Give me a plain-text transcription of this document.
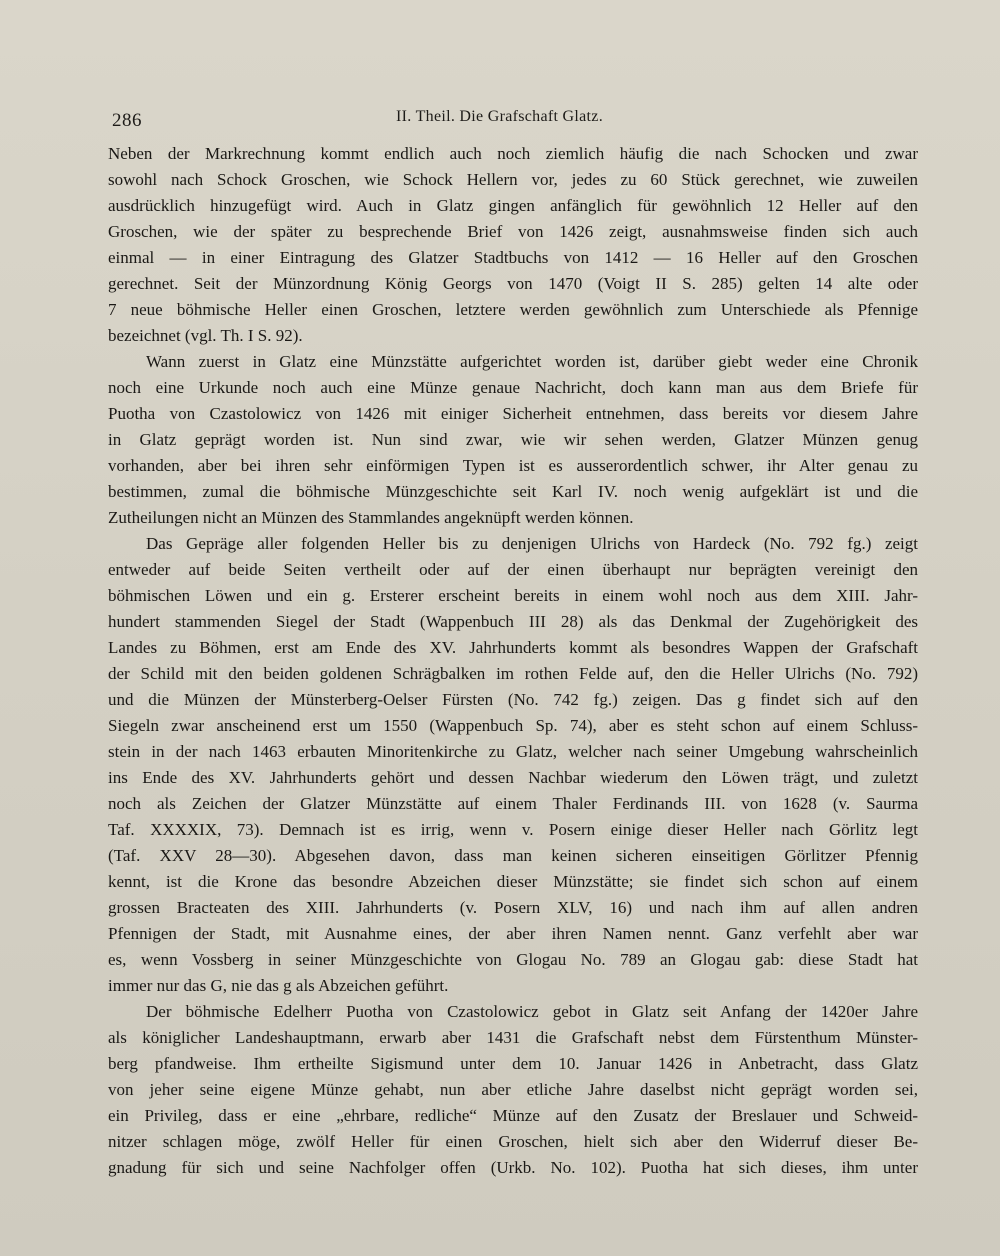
286	II. Theil. Die Grafschaft Glatz.
Neben der Markrechnung kommt endlich auch noch ziemlich häufig die nach Schocken und zwar
sowohl nach Schock Groschen, wie Schock Hellern vor, jedes zu 60 Stück gerechnet, wie zuweilen
ausdrücklich hinzugefügt wird. Auch in Glatz gingen anfänglich für gewöhnlich 12 Heller auf den
Groschen, wie der später zu besprechende Brief von 1426 zeigt, ausnahmsweise finden sich auch
einmal — in einer Eintragung des Glatzer Stadtbuchs von 1412 — 16 Heller auf den Groschen
gerechnet. Seit der Münzordnung König Georgs von 1470 (Voigt II S. 285) gelten 14 alte oder
7 neue böhmische Heller einen Groschen, letztere werden gewöhnlich zum Unterschiede als Pfennige
bezeichnet (vgl. Th. I S. 92).
Wann zuerst in Glatz eine Münzstätte aufgerichtet worden ist, darüber giebt weder eine Chronik
noch eine Urkunde noch auch eine Münze genaue Nachricht, doch kann man aus dem Briefe für
Puotha von Czastolowicz von 1426 mit einiger Sicherheit entnehmen, dass bereits vor diesem Jahre
in Glatz geprägt worden ist. Nun sind zwar, wie wir sehen werden, Glatzer Münzen genug
vorhanden, aber bei ihren sehr einförmigen Typen ist es ausserordentlich schwer, ihr Alter genau zu
bestimmen, zumal die böhmische Münzgeschichte seit Karl IV. noch wenig aufgeklärt ist und die
Zutheilungen nicht an Münzen des Stammlandes angeknüpft werden können.
Das Gepräge aller folgenden Heller bis zu denjenigen Ulrichs von Hardeck (No. 792 fg.) zeigt
entweder auf beide Seiten vertheilt oder auf der einen überhaupt nur beprägten vereinigt den
böhmischen Löwen und ein g. Ersterer erscheint bereits in einem wohl noch aus dem XIII. Jahr-
hundert stammenden Siegel der Stadt (Wappenbuch III 28) als das Denkmal der Zugehörigkeit des
Landes zu Böhmen, erst am Ende des XV. Jahrhunderts kommt als besondres Wappen der Grafschaft
der Schild mit den beiden goldenen Schrägbalken im rothen Felde auf, den die Heller Ulrichs (No. 792)
und die Münzen der Münsterberg-Oelser Fürsten (No. 742 fg.) zeigen. Das g findet sich auf den
Siegeln zwar anscheinend erst um 1550 (Wappenbuch Sp. 74), aber es steht schon auf einem Schluss-
stein in der nach 1463 erbauten Minoritenkirche zu Glatz, welcher nach seiner Umgebung wahrscheinlich
ins Ende des XV. Jahrhunderts gehört und dessen Nachbar wiederum den Löwen trägt, und zuletzt
noch als Zeichen der Glatzer Münzstätte auf einem Thaler Ferdinands III. von 1628 (v. Saurma
Taf. XXXXIX, 73). Demnach ist es irrig, wenn v. Posern einige dieser Heller nach Görlitz legt
(Taf. XXV 28—30). Abgesehen davon, dass man keinen sicheren einseitigen Görlitzer Pfennig
kennt, ist die Krone das besondre Abzeichen dieser Münzstätte; sie findet sich schon auf einem
grossen Bracteaten des XIII. Jahrhunderts (v. Posern XLV, 16) und nach ihm auf allen andren
Pfennigen der Stadt, mit Ausnahme eines, der aber ihren Namen nennt. Ganz verfehlt aber war
es, wenn Vossberg in seiner Münzgeschichte von Glogau No. 789 an Glogau gab: diese Stadt hat
immer nur das G, nie das g als Abzeichen geführt.
Der böhmische Edelherr Puotha von Czastolowicz gebot in Glatz seit Anfang der 1420er Jahre
als königlicher Landeshauptmann, erwarb aber 1431 die Grafschaft nebst dem Fürstenthum Münster-
berg pfandweise. Ihm ertheilte Sigismund unter dem 10. Januar 1426 in Anbetracht, dass Glatz
von jeher seine eigene Münze gehabt, nun aber etliche Jahre daselbst nicht geprägt worden sei,
ein Privileg, dass er eine „ehrbare, redliche“ Münze auf den Zusatz der Breslauer und Schweid-
nitzer schlagen möge, zwölf Heller für einen Groschen, hielt sich aber den Widerruf dieser Be-
gnadung für sich und seine Nachfolger offen (Urkb. No. 102). Puotha hat sich dieses, ihm unter
